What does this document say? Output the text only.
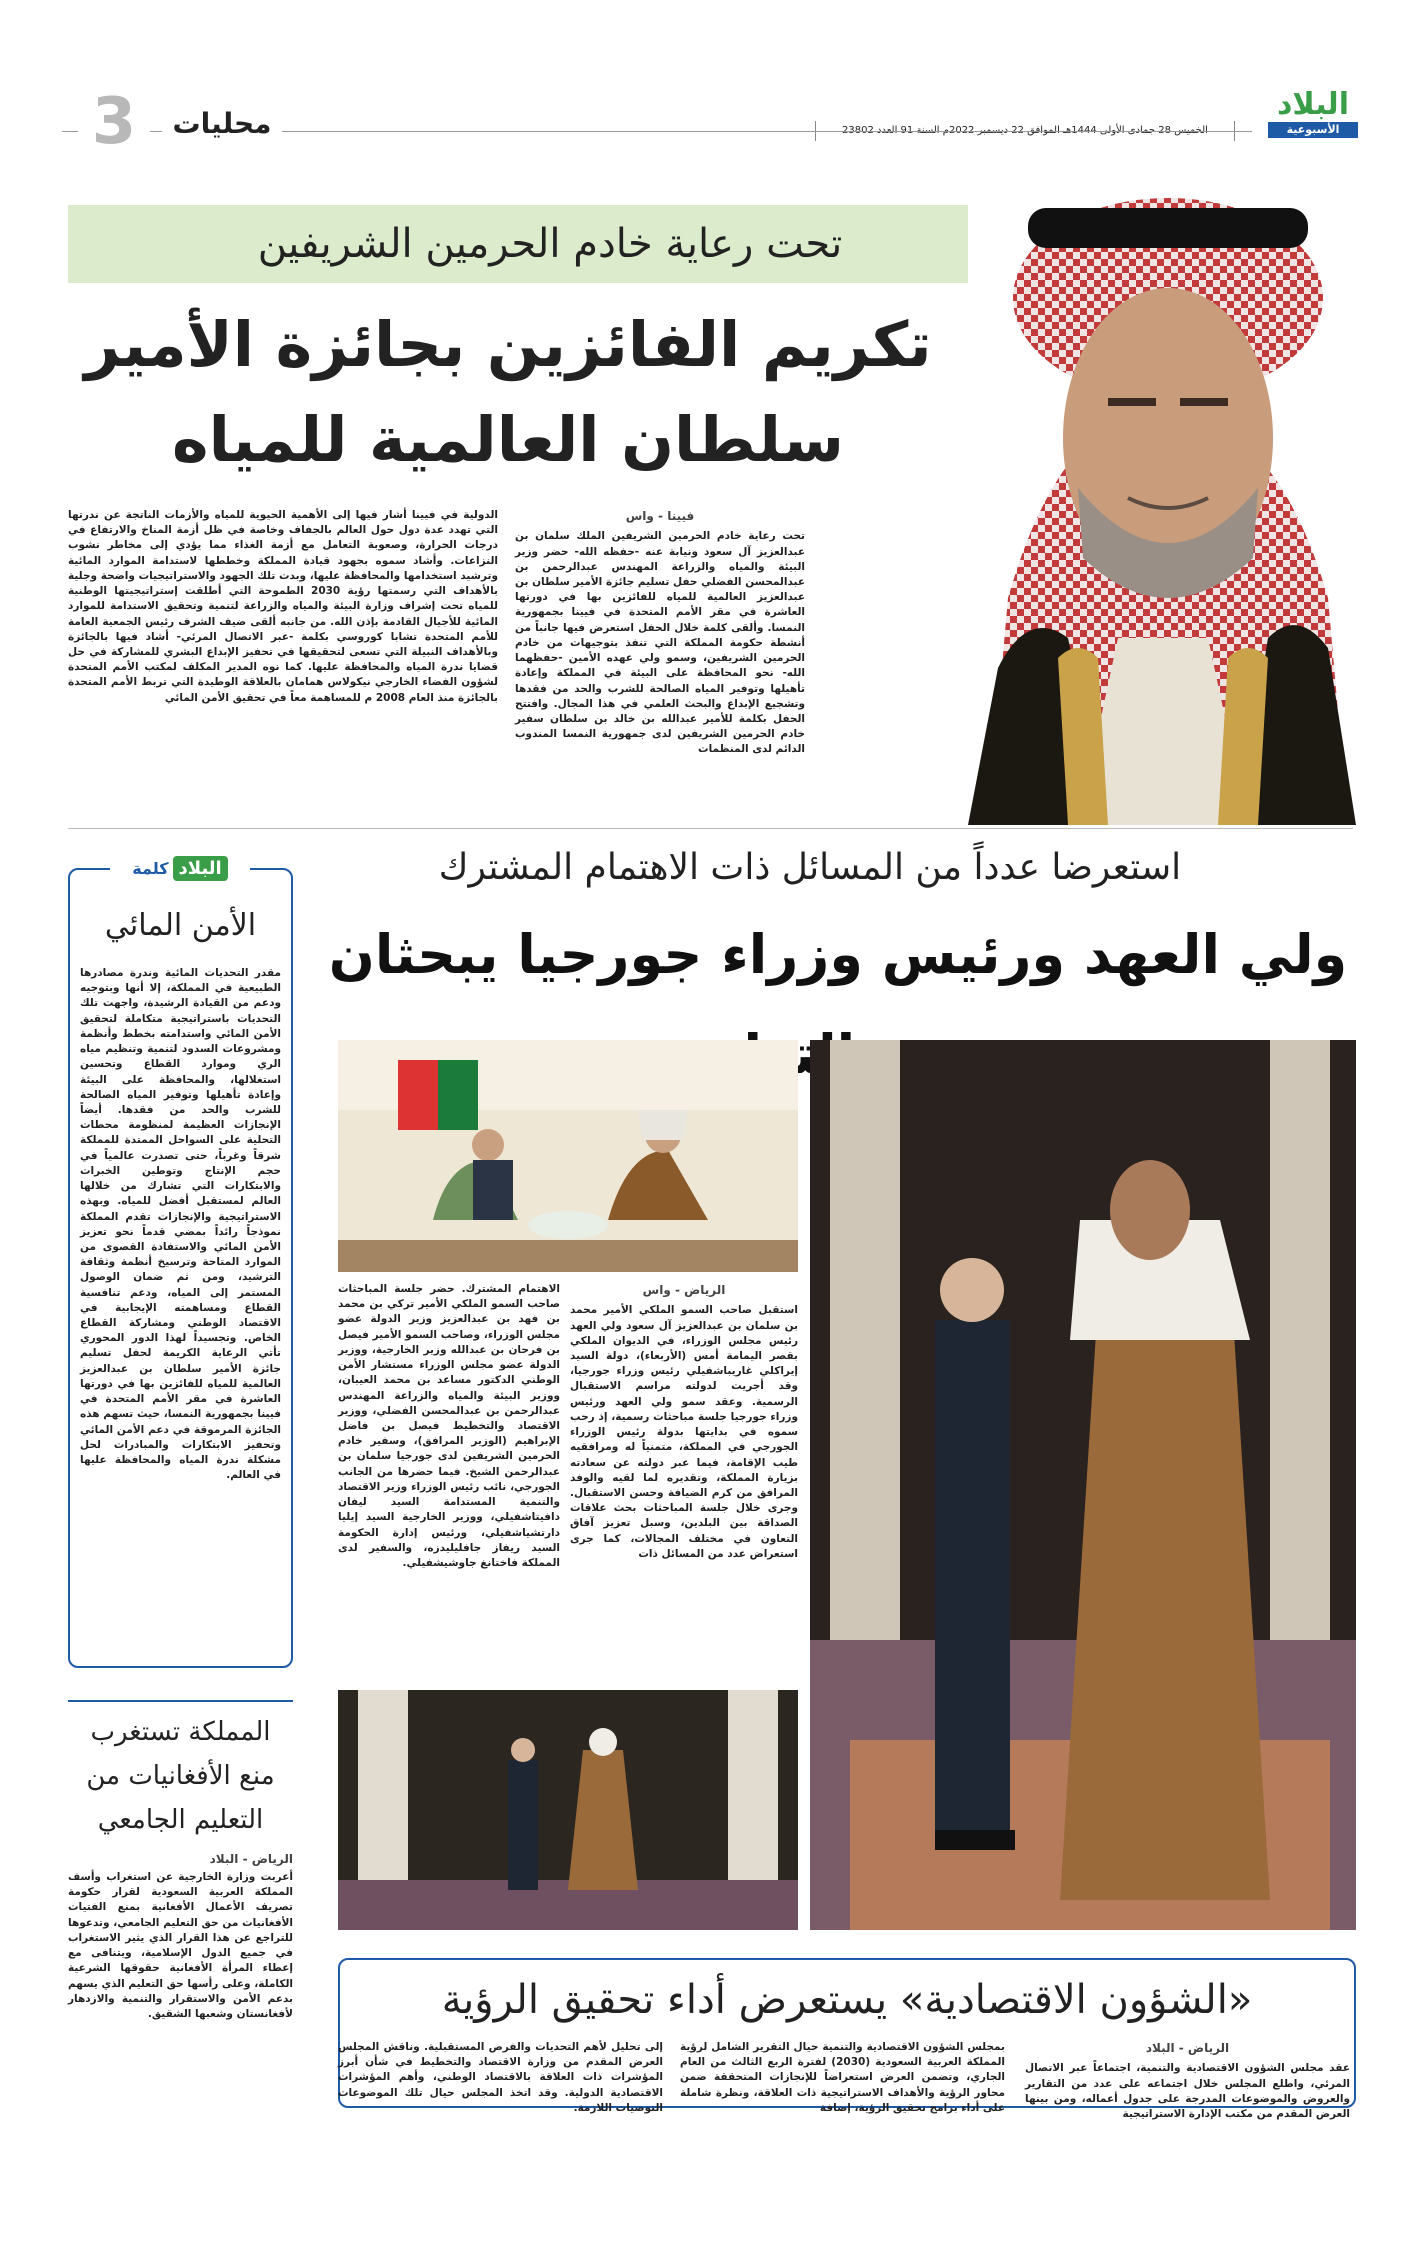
البلاد
الأسبوعية
محليات
3
تحت رعاية خادم الحرمين الشريفين
تكريم الفائزين بجائزة الأمير
سلطان العالمية للمياه
فيينا - واس
تحت رعاية خادم الحرمين الشريفين الملك سلمان بن عبدالعزيز آل سعود ونيابة عنه -حفظه الله- حضر وزير البيئة والمياه والزراعة المهندس عبدالرحمن بن عبدالمحسن الفضلي حفل تسليم جائزة الأمير سلطان بن عبدالعزيز العالمية للمياه للفائزين بها في دورتها العاشرة في مقر الأمم المتحدة في فيينا بجمهورية النمسا. وألقى كلمة خلال الحفل استعرض فيها جانباً من أنشطة حكومة المملكة التي تنفذ بتوجيهات من خادم الحرمين الشريفين، وسمو ولي عهده الأمين -حفظهما الله- نحو المحافظة على البيئة في المملكة وإعادة تأهيلها وتوفير المياه الصالحة للشرب والحد من فقدها وتشجيع الإبداع والبحث العلمي في هذا المجال. وافتتح الحفل بكلمة للأمير عبدالله بن خالد بن سلطان سفير خادم الحرمين الشريفين لدى جمهورية النمسا المندوب الدائم لدى المنظمات
الدولية في فيينا أشار فيها إلى الأهمية الحيوية للمياه والأزمات الناتجة عن ندرتها التي تهدد عدة دول حول العالم بالجفاف وخاصة في ظل أزمة المناخ والارتفاع في درجات الحرارة، وصعوبة التعامل مع أزمة الغذاء مما يؤدي إلى مخاطر نشوب النزاعات. وأشاد سموه بجهود قيادة المملكة وخططها لاستدامة الموارد المائية وترشيد استخدامها والمحافظة عليها، وبدت تلك الجهود والاستراتيجيات واضحة وجلية بالأهداف التي رسمتها رؤية 2030 الطموحة التي أطلقت إستراتيجيتها الوطنية للمياه تحت إشراف وزارة البيئة والمياه والزراعة لتنمية وتحقيق الاستدامة للموارد المائية للأجيال القادمة بإذن الله. من جانبه ألقى ضيف الشرف رئيس الجمعية العامة للأمم المتحدة تشابا كوروسي بكلمة -عبر الاتصال المرئي- أشاد فيها بالجائزة وبالأهداف النبيلة التي تسعى لتحقيقها في تحفيز الإبداع البشري للمشاركة في حل قضايا ندرة المياه والمحافظة عليها. كما نوه المدير المكلف لمكتب الأمم المتحدة لشؤون الفضاء الخارجي نيكولاس همامان بالعلاقة الوطيدة التي تربط الأمم المتحدة بالجائزة منذ العام 2008 م للمساهمة معاً في تحقيق الأمن المائي
استعرضا عدداً من المسائل ذات الاهتمام المشترك
ولي العهد ورئيس وزراء جورجيا يبحثان
الرياض - واس
استقبل صاحب السمو الملكي الأمير محمد بن سلمان بن عبدالعزيز آل سعود ولي العهد رئيس مجلس الوزراء، في الديوان الملكي بقصر اليمامة أمس (الأربعاء)، دولة السيد إيراكلي غاريباشفيلي رئيس وزراء جورجيا، وقد أجريت لدولته مراسم الاستقبال الرسمية. وعقد سمو ولي العهد ورئيس وزراء جورجيا جلسة مباحثات رسمية، إذ رحب سموه في بدايتها بدولة رئيس الوزراء الجورجي في المملكة، متمنياً له ومرافقيه طيب الإقامة، فيما عبر دولته عن سعادته بزيارة المملكة، وتقديره لما لقيه والوفد المرافق من كرم الضيافة وحسن الاستقبال. وجرى خلال جلسة المباحثات بحث علاقات الصداقة بين البلدين، وسبل تعزيز آفاق التعاون في مختلف المجالات، كما جرى استعراض عدد من المسائل ذات
الاهتمام المشترك. حضر جلسة المباحثات صاحب السمو الملكي الأمير تركي بن محمد بن فهد بن عبدالعزيز وزير الدولة عضو مجلس الوزراء، وصاحب السمو الأمير فيصل بن فرحان بن عبدالله وزير الخارجية، ووزير الدولة عضو مجلس الوزراء مستشار الأمن الوطني الدكتور مساعد بن محمد العيبان، ووزير البيئة والمياه والزراعة المهندس عبدالرحمن بن عبدالمحسن الفضلي، ووزير الاقتصاد والتخطيط فيصل بن فاضل الإبراهيم (الوزير المرافق)، وسفير خادم الحرمين الشريفين لدى جورجيا سلمان بن عبدالرحمن الشيخ. فيما حضرها من الجانب الجورجي، نائب رئيس الوزراء وزير الاقتصاد والتنمية المستدامة السيد ليفان دافيتاشفيلي، ووزير الخارجية السيد إيليا دارتشياشفيلي، ورئيس إدارة الحكومة السيد ريفاز جافليليدزه، والسفير لدى المملكة فاختانغ جاوشيشفيلي.
البلاد
كلمة
الأمن المائي
مقدر التحديات المائية وندرة مصادرها الطبيعية في المملكة، إلا أنها وبتوجيه ودعم من القيادة الرشيدة، واجهت تلك التحديات باستراتيجية متكاملة لتحقيق الأمن المائي واستدامته بخطط وأنظمة ومشروعات السدود لتنمية وتنظيم مياه الري وموارد القطاع وتحسين استغلالها، والمحافظة على البيئة وإعادة تأهيلها وتوفير المياه الصالحة للشرب والحد من فقدها. أيضاً الإنجازات العظيمة لمنظومة محطات التحلية على السواحل الممتدة للمملكة شرقاً وغرباً، حتى تصدرت عالمياً في حجم الإنتاج وتوطين الخبرات والابتكارات التي تشارك من خلالها العالم لمستقبل أفضل للمياه. وبهذه الاستراتيجية والإنجازات تقدم المملكة نموذجاً رائداً بمضي قدماً نحو تعزيز الأمن المائي والاستفادة القصوى من الموارد المتاحة وترسيخ أنظمة وثقافة الترشيد، ومن ثم ضمان الوصول المستمر إلى المياه، ودعم تنافسية القطاع ومساهمته الإيجابية في الاقتصاد الوطني ومشاركة القطاع الخاص. وتجسيداً لهذا الدور المحوري تأتي الرعاية الكريمة لحفل تسليم جائزة الأمير سلطان بن عبدالعزيز العالمية للمياه للفائزين بها في دورتها العاشرة في مقر الأمم المتحدة في فيينا بجمهورية النمسا، حيث تسهم هذه الجائزة المرموقة في دعم الأمن المائي وتحفيز الابتكارات والمبادرات لحل مشكلة ندرة المياه والمحافظة عليها في العالم.
المملكة تستغرب منع الأفغانيات من التعليم الجامعي
الرياض - البلاد
أعربت وزارة الخارجية عن استغراب وأسف المملكة العربية السعودية لقرار حكومة تصريف الأعمال الأفغانية بمنع الفتيات الأفغانيات من حق التعليم الجامعي، وتدعوها للتراجع عن هذا القرار الذي يثير الاستغراب في جميع الدول الإسلامية، ويتنافى مع إعطاء المرأة الأفغانية حقوقها الشرعية الكاملة، وعلى رأسها حق التعليم الذي يسهم بدعم الأمن والاستقرار والتنمية والازدهار لأفغانستان وشعبها الشقيق.	«الشؤون الاقتصادية» يستعرض أداء تحقيق الرؤية
الرياض - البلاد
عقد مجلس الشؤون الاقتصادية والتنمية، اجتماعاً عبر الاتصال المرئي، واطلع المجلس خلال اجتماعه على عدد من التقارير والعروض والموضوعات المدرجة على جدول أعماله، ومن بينها العرض المقدم من مكتب الإدارة الاستراتيجية
بمجلس الشؤون الاقتصادية والتنمية حيال التقرير الشامل لرؤية المملكة العربية السعودية (2030) لفترة الربع الثالث من العام الجاري، وتضمن العرض استعراضاً للإنجازات المتحققة ضمن محاور الرؤية والأهداف الاستراتيجية ذات العلاقة، ونظرة شاملة على أداء برامج تحقيق الرؤية، إضافة
إلى تحليل لأهم التحديات والفرص المستقبلية. وناقش المجلس العرض المقدم من وزارة الاقتصاد والتخطيط في شأن أبرز المؤشرات ذات العلاقة بالاقتصاد الوطني، وأهم المؤشرات الاقتصادية الدولية. وقد اتخذ المجلس حيال تلك الموضوعات التوصيات اللازمة.
